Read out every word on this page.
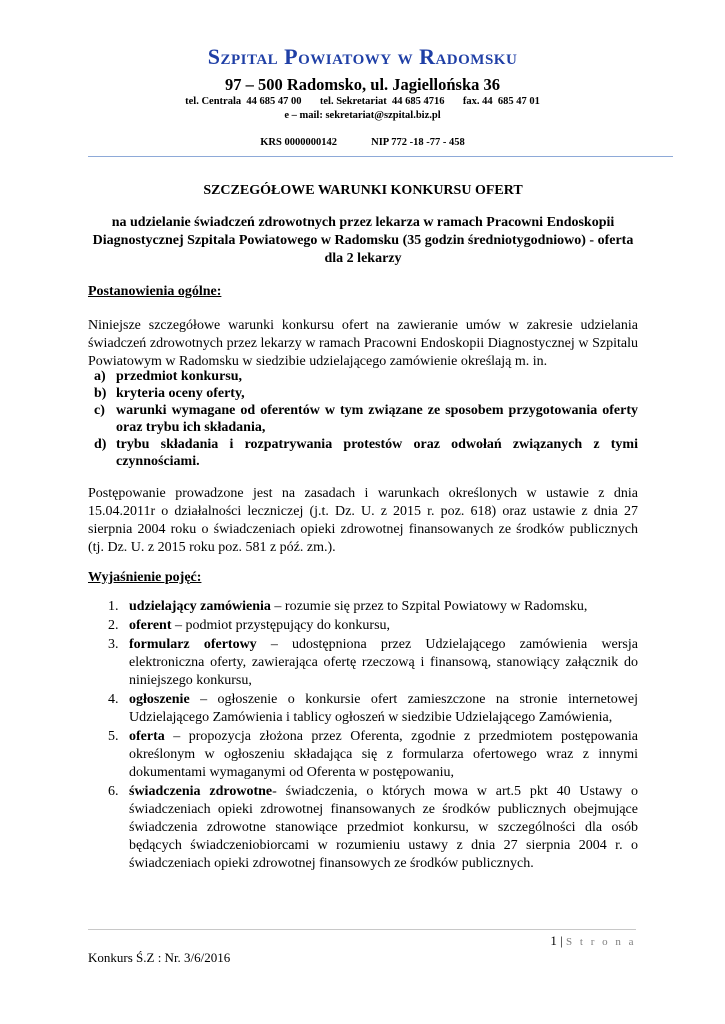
Szpital Powiatowy w Radomsku
97 – 500 Radomsko, ul. Jagiellońska 36
tel. Centrala  44 685 47 00       tel. Sekretariat  44 685 4716       fax. 44  685 47 01
e – mail: sekretariat@szpital.biz.pl
KRS 0000000142             NIP 772 -18 -77 - 458
SZCZEGÓŁOWE WARUNKI KONKURSU OFERT
na udzielanie świadczeń zdrowotnych przez lekarza w ramach Pracowni Endoskopii Diagnostycznej Szpitala Powiatowego w Radomsku (35 godzin średniotygodniowo) - oferta dla 2 lekarzy
Postanowienia ogólne:
Niniejsze szczegółowe warunki konkursu ofert na zawieranie umów w zakresie udzielania świadczeń zdrowotnych przez lekarzy w ramach Pracowni Endoskopii Diagnostycznej w Szpitalu Powiatowym w Radomsku w siedzibie udzielającego zamówienie określają m. in.
a) przedmiot konkursu,
b) kryteria oceny oferty,
c) warunki wymagane od oferentów w tym związane ze sposobem przygotowania oferty oraz trybu ich składania,
d) trybu składania i rozpatrywania protestów oraz odwołań związanych z tymi czynnościami.
Postępowanie prowadzone jest na zasadach i warunkach określonych w ustawie z dnia 15.04.2011r o działalności leczniczej (j.t. Dz. U. z 2015 r. poz. 618) oraz ustawie z dnia 27 sierpnia 2004 roku o świadczeniach opieki zdrowotnej finansowanych ze środków publicznych (tj. Dz. U. z 2015 roku poz. 581 z póź. zm.).
Wyjaśnienie pojęć:
1. udzielający zamówienia – rozumie się przez to Szpital Powiatowy w Radomsku,
2. oferent – podmiot przystępujący do konkursu,
3. formularz ofertowy – udostępniona przez Udzielającego zamówienia wersja elektroniczna oferty, zawierająca ofertę rzeczową i finansową, stanowiący załącznik do niniejszego konkursu,
4. ogłoszenie – ogłoszenie o konkursie ofert zamieszczone na stronie internetowej Udzielającego Zamówienia i tablicy ogłoszeń w siedzibie Udzielającego Zamówienia,
5. oferta – propozycja złożona przez Oferenta, zgodnie z przedmiotem postępowania określonym w ogłoszeniu składająca się z formularza ofertowego wraz z innymi dokumentami wymaganymi od Oferenta w postępowaniu,
6. świadczenia zdrowotne- świadczenia, o których mowa w art.5 pkt 40 Ustawy o świadczeniach opieki zdrowotnej finansowanych ze środków publicznych obejmujące świadczenia zdrowotne stanowiące przedmiot konkursu, w szczególności dla osób będących świadczeniobiorcami w rozumieniu ustawy z dnia 27 sierpnia 2004 r. o świadczeniach opieki zdrowotnej finansowych ze środków publicznych.
1 | S t r o n a
Konkurs Ś.Z : Nr. 3/6/2016
